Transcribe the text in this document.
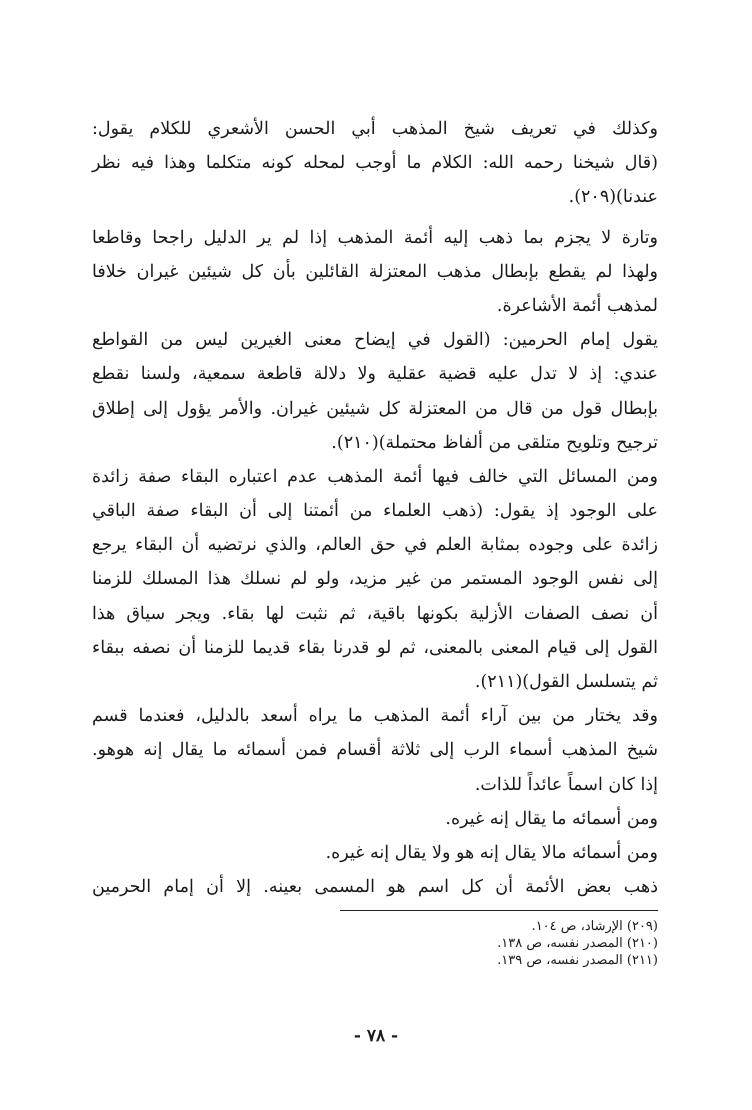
وكذلك في تعريف شيخ المذهب أبي الحسن الأشعري للكلام يقول:
(قال شيخنا رحمه الله: الكلام ما أوجب لمحله كونه متكلما وهذا فيه نظر
عندنا)(٢٠٩).
وتارة لا يجزم بما ذهب إليه أئمة المذهب إذا لم ير الدليل راجحا وقاطعا
ولهذا لم يقطع بإبطال مذهب المعتزلة القائلين بأن كل شيئين غيران خلافا
لمذهب أئمة الأشاعرة.
يقول إمام الحرمين: (القول في إيضاح معنى الغيرين ليس من القواطع
عندي: إذ لا تدل عليه قضية عقلية ولا دلالة قاطعة سمعية، ولسنا نقطع
بإبطال قول من قال من المعتزلة كل شيئين غيران. والأمر يؤول إلى إطلاق
ترجيح وتلويح متلقى من ألفاظ محتملة)(٢١٠).
ومن المسائل التي خالف فيها أئمة المذهب عدم اعتباره البقاء صفة زائدة
على الوجود إذ يقول: (ذهب العلماء من أئمتنا إلى أن البقاء صفة الباقي
زائدة على وجوده بمثابة العلم في حق العالم، والذي نرتضيه أن البقاء يرجع
إلى نفس الوجود المستمر من غير مزيد، ولو لم نسلك هذا المسلك للزمنا
أن نصف الصفات الأزلية بكونها باقية، ثم نثبت لها بقاء. ويجر سياق هذا
القول إلى قيام المعنى بالمعنى، ثم لو قدرنا بقاء قديما للزمنا أن نصفه ببقاء
ثم يتسلسل القول)(٢١١).
وقد يختار من بين آراء أئمة المذهب ما يراه أسعد بالدليل، فعندما قسم
شيخ المذهب أسماء الرب إلى ثلاثة أقسام فمن أسمائه ما يقال إنه هوهو.
إذا كان اسماً عائداً للذات.
ومن أسمائه ما يقال إنه غيره.
ومن أسمائه مالا يقال إنه هو ولا يقال إنه غيره.
ذهب بعض الأئمة أن كل اسم هو المسمى بعينه. إلا أن إمام الحرمين
(٢٠٩) الإرشاد، ص ١٠٤.
(٢١٠) المصدر نفسه، ص ١٣٨.
(٢١١) المصدر نفسه، ص ١٣٩.
- ٧٨ -
